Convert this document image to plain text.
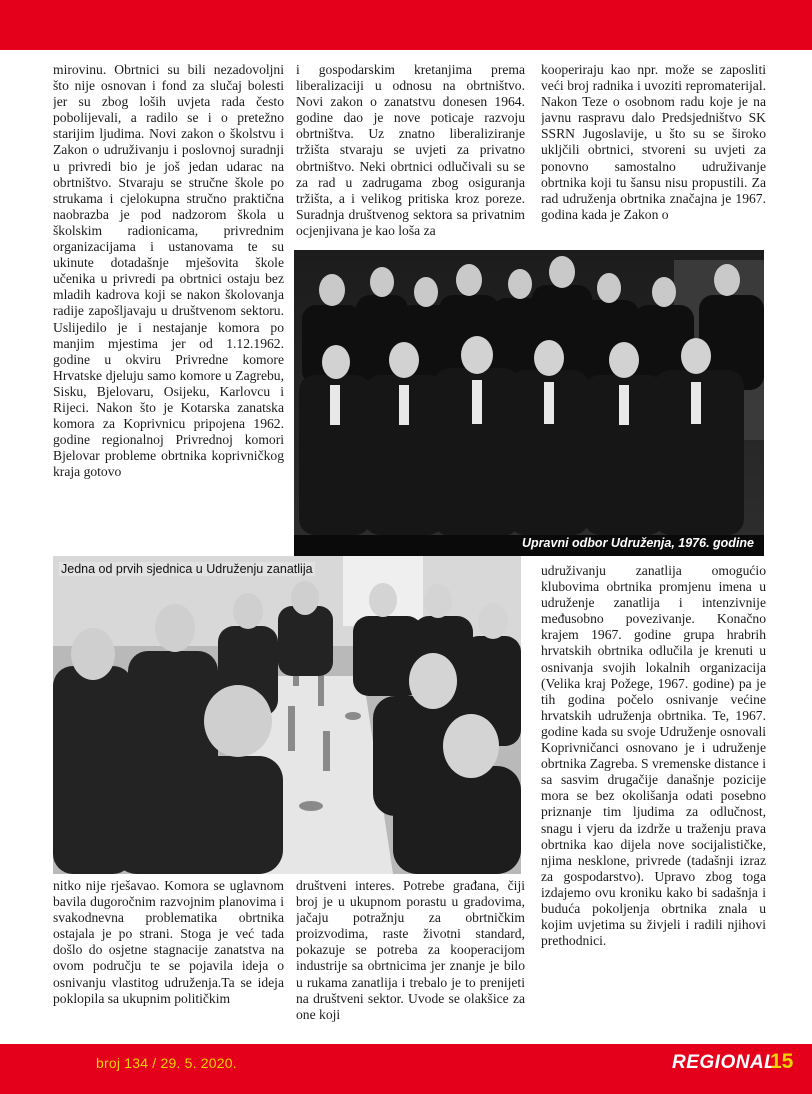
mirovinu. Obrtnici su bili nezadovoljni što nije osnovan i fond za slučaj bolesti jer su zbog loših uvjeta rada često pobolijevali, a radilo se i o pretežno starijim ljudima. Novi zakon o školstvu i Zakon o udruživanju i poslovnoj suradnji u privredi bio je još jedan udarac na obrtništvo. Stvaraju se stručne škole po strukama i cjelokupna stručno praktična naobrazba je pod nadzorom škola u školskim radionicama, privrednim organizacijama i ustanovama te su ukinute dotadašnje mješovita škole učenika u privredi pa obrtnici ostaju bez mladih kadrova koji se nakon školovanja radije zapošljavaju u društvenom sektoru. Uslijedilo je i nestajanje komora po manjim mjestima jer od 1.12.1962. godine u okviru Privredne komore Hrvatske djeluju samo komore u Zagrebu, Sisku, Bjelovaru, Osijeku, Karlovcu i Rijeci. Nakon što je Kotarska zanatska komora za Koprivnicu pripojena 1962. godine regionalnoj Privrednoj komori Bjelovar probleme obrtnika koprivničkog kraja gotovo

i gospodarskim kretanjima prema liberalizaciji u odnosu na obrtništvo. Novi zakon o zanatstvu donesen 1964. godine dao je nove poticaje razvoju obrtništva. Uz znatno liberaliziranje tržišta stvaraju se uvjeti za privatno obrtništvo. Neki obrtnici odlučivali su se za rad u zadrugama zbog osiguranja tržišta, a i velikog pritiska kroz poreze. Suradnja društvenog sektora sa privatnim ocjenjivana je kao loša za

kooperiraju kao npr. može se zaposliti veći broj radnika i uvoziti repromaterijal. Nakon Teze o osobnom radu koje je na javnu raspravu dalo Predsjedništvo SK SSRN Jugoslavije, u što su se široko ukljčili obrtnici, stvoreni su uvjeti za ponovno samostalno udruživanje obrtnika koji tu šansu nisu propustili. Za rad udruženja obrtnika značajna je 1967. godina kada je Zakon o

Upravni odbor Udruženja, 1976. godine
Jedna od prvih sjednica u Udruženju zanatlija	udruživanju zanatlija omogućio klubovima obrtnika promjenu imena u udruženje zanatlija i intenzivnije međusobno povezivanje. Konačno krajem 1967. godine grupa hrabrih hrvatskih obrtnika odlučila je krenuti u osnivanja svojih lokalnih organizacija (Velika kraj Požege, 1967. godine) pa je tih godina počelo osnivanje većine hrvatskih udruženja obrtnika. Te, 1967. godine kada su svoje Udruženje osnovali Koprivničanci osnovano je i udruženje obrtnika Zagreba. S vremenske distance i sa sasvim drugačije današnje pozicije mora se bez okolišanja odati posebno priznanje tim ljudima za odlučnost, snagu i vjeru da izdrže u traženju prava obrtnika kao dijela nove socijalističke, njima nesklone, privrede (tadašnji izraz za gospodarstvo). Upravo zbog toga izdajemo ovu kroniku kako bi sadašnja i buduća pokoljenja obrtnika znala u kojim uvjetima su živjeli i radili njihovi prethodnici.

nitko nije rješavao. Komora se uglavnom bavila dugoročnim razvojnim planovima i svakodnevna problematika obrtnika ostajala je po strani. Stoga je već tada došlo do osjetne stagnacije zanatstva na ovom području te se pojavila ideja o osnivanju vlastitog udruženja.Ta se ideja poklopila sa ukupnim političkim

društveni interes. Potrebe građana, čiji broj je u ukupnom porastu u gradovima, jačaju potražnju za obrtničkim proizvodima, raste životni standard, pokazuje se potreba za kooperacijom industrije sa obrtnicima jer znanje je bilo u rukama zanatlija i trebalo je to prenijeti na društveni sektor. Uvode se olakšice za one koji

broj 134 / 29. 5. 2020.	REGIONAL
15
